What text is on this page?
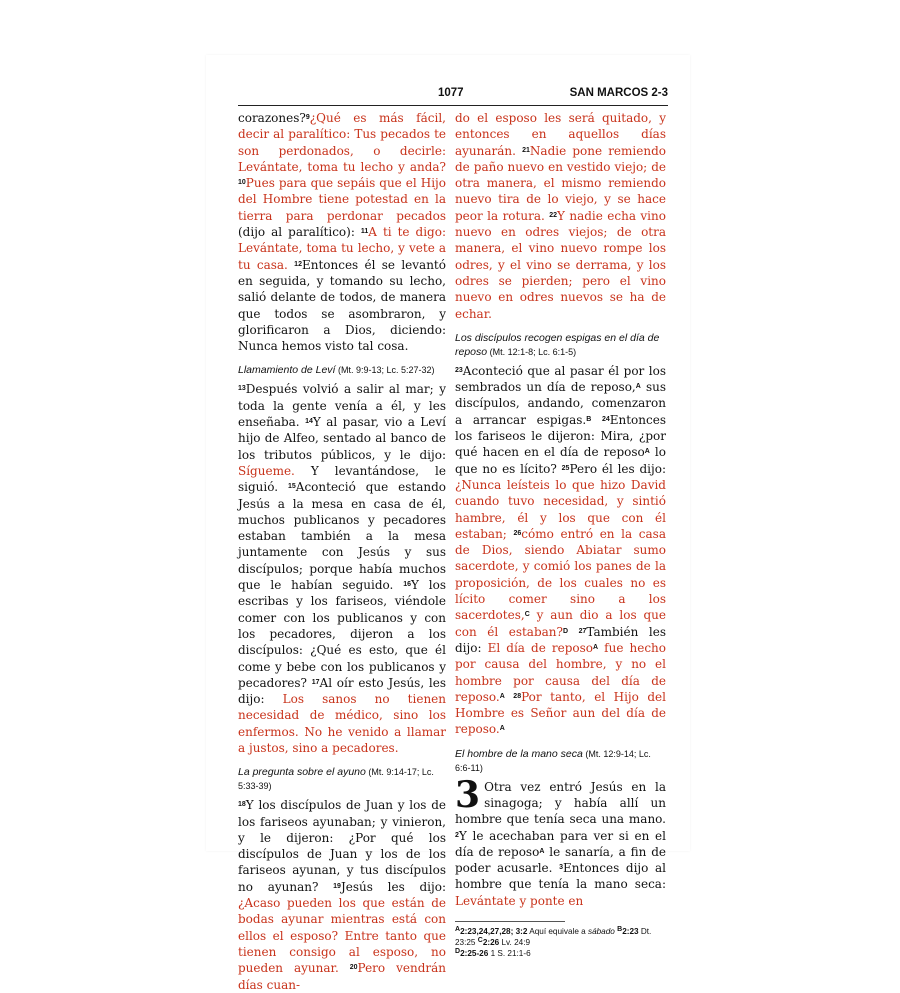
1077	SAN MARCOS 2-3

corazones?$^9$¿Qué es más fácil, decir al paralítico: Tus pecados te son perdonados, o decirle: Levántate, toma tu lecho y anda? $^{10}$Pues para que sepáis que el Hijo del Hombre tiene potestad en la tierra para perdonar pecados (dijo al paralítico): $^{11}$A ti te digo: Levántate, toma tu lecho, y vete a tu casa. $^{12}$Entonces él se levantó en seguida, y tomando su lecho, salió delante de todos, de manera que todos se asombraron, y glorificaron a Dios, diciendo: Nunca hemos visto tal cosa.

Llamamiento de Leví (Mt. 9:9-13; Lc. 5:27-32)

$^{13}$Después volvió a salir al mar; y toda la gente venía a él, y les enseñaba. $^{14}$Y al pasar, vio a Leví hijo de Alfeo, sentado al banco de los tributos públicos, y le dijo: Sígueme. Y levantándose, le siguió. $^{15}$Aconteció que estando Jesús a la mesa en casa de él, muchos publicanos y pecadores estaban también a la mesa juntamente con Jesús y sus discípulos; porque había muchos que le habían seguido. $^{16}$Y los escribas y los fariseos, viéndole comer con los publicanos y con los pecadores, dijeron a los discípulos: ¿Qué es esto, que él come y bebe con los publicanos y pecadores? $^{17}$Al oír esto Jesús, les dijo: Los sanos no tienen necesidad de médico, sino los enfermos. No he venido a llamar a justos, sino a pecadores.

La pregunta sobre el ayuno (Mt. 9:14-17; Lc. 5:33-39)

$^{18}$Y los discípulos de Juan y los de los fariseos ayunaban; y vinieron, y le dijeron: ¿Por qué los discípulos de Juan y los de los fariseos ayunan, y tus discípulos no ayunan? $^{19}$Jesús les dijo: ¿Acaso pueden los que están de bodas ayunar mientras está con ellos el esposo? Entre tanto que tienen consigo al esposo, no pueden ayunar. $^{20}$Pero vendrán días cuan-

do el esposo les será quitado, y entonces en aquellos días ayunarán. $^{21}$Nadie pone remiendo de paño nuevo en vestido viejo; de otra manera, el mismo remiendo nuevo tira de lo viejo, y se hace peor la rotura. $^{22}$Y nadie echa vino nuevo en odres viejos; de otra manera, el vino nuevo rompe los odres, y el vino se derrama, y los odres se pierden; pero el vino nuevo en odres nuevos se ha de echar.

Los discípulos recogen espigas en el día de reposo (Mt. 12:1-8; Lc. 6:1-5)

$^{23}$Aconteció que al pasar él por los sembrados un día de reposo,$^A$ sus discípulos, andando, comenzaron a arrancar espigas.$^B$ $^{24}$Entonces los fariseos le dijeron: Mira, ¿por qué hacen en el día de reposo$^A$ lo que no es lícito? $^{25}$Pero él les dijo: ¿Nunca leísteis lo que hizo David cuando tuvo necesidad, y sintió hambre, él y los que con él estaban; $^{26}$cómo entró en la casa de Dios, siendo Abiatar sumo sacerdote, y comió los panes de la proposición, de los cuales no es lícito comer sino a los sacerdotes,$^C$ y aun dio a los que con él estaban?$^D$ $^{27}$También les dijo: El día de reposo$^A$ fue hecho por causa del hombre, y no el hombre por causa del día de reposo.$^A$ $^{28}$Por tanto, el Hijo del Hombre es Señor aun del día de reposo.$^A$

El hombre de la mano seca (Mt. 12:9-14; Lc. 6:6-11)

3 Otra vez entró Jesús en la sinagoga; y había allí un hombre que tenía seca una mano. $^2$Y le acechaban para ver si en el día de reposo$^A$ le sanaría, a fin de poder acusarle. $^3$Entonces dijo al hombre que tenía la mano seca: Levántate y ponte en

$^A$2:23,24,27,28; 3:2 Aquí equivale a sábado $^B$2:23 Dt. 23:25 $^C$2:26 Lv. 24:9
$^D$2:25-26 1 S. 21:1-6
